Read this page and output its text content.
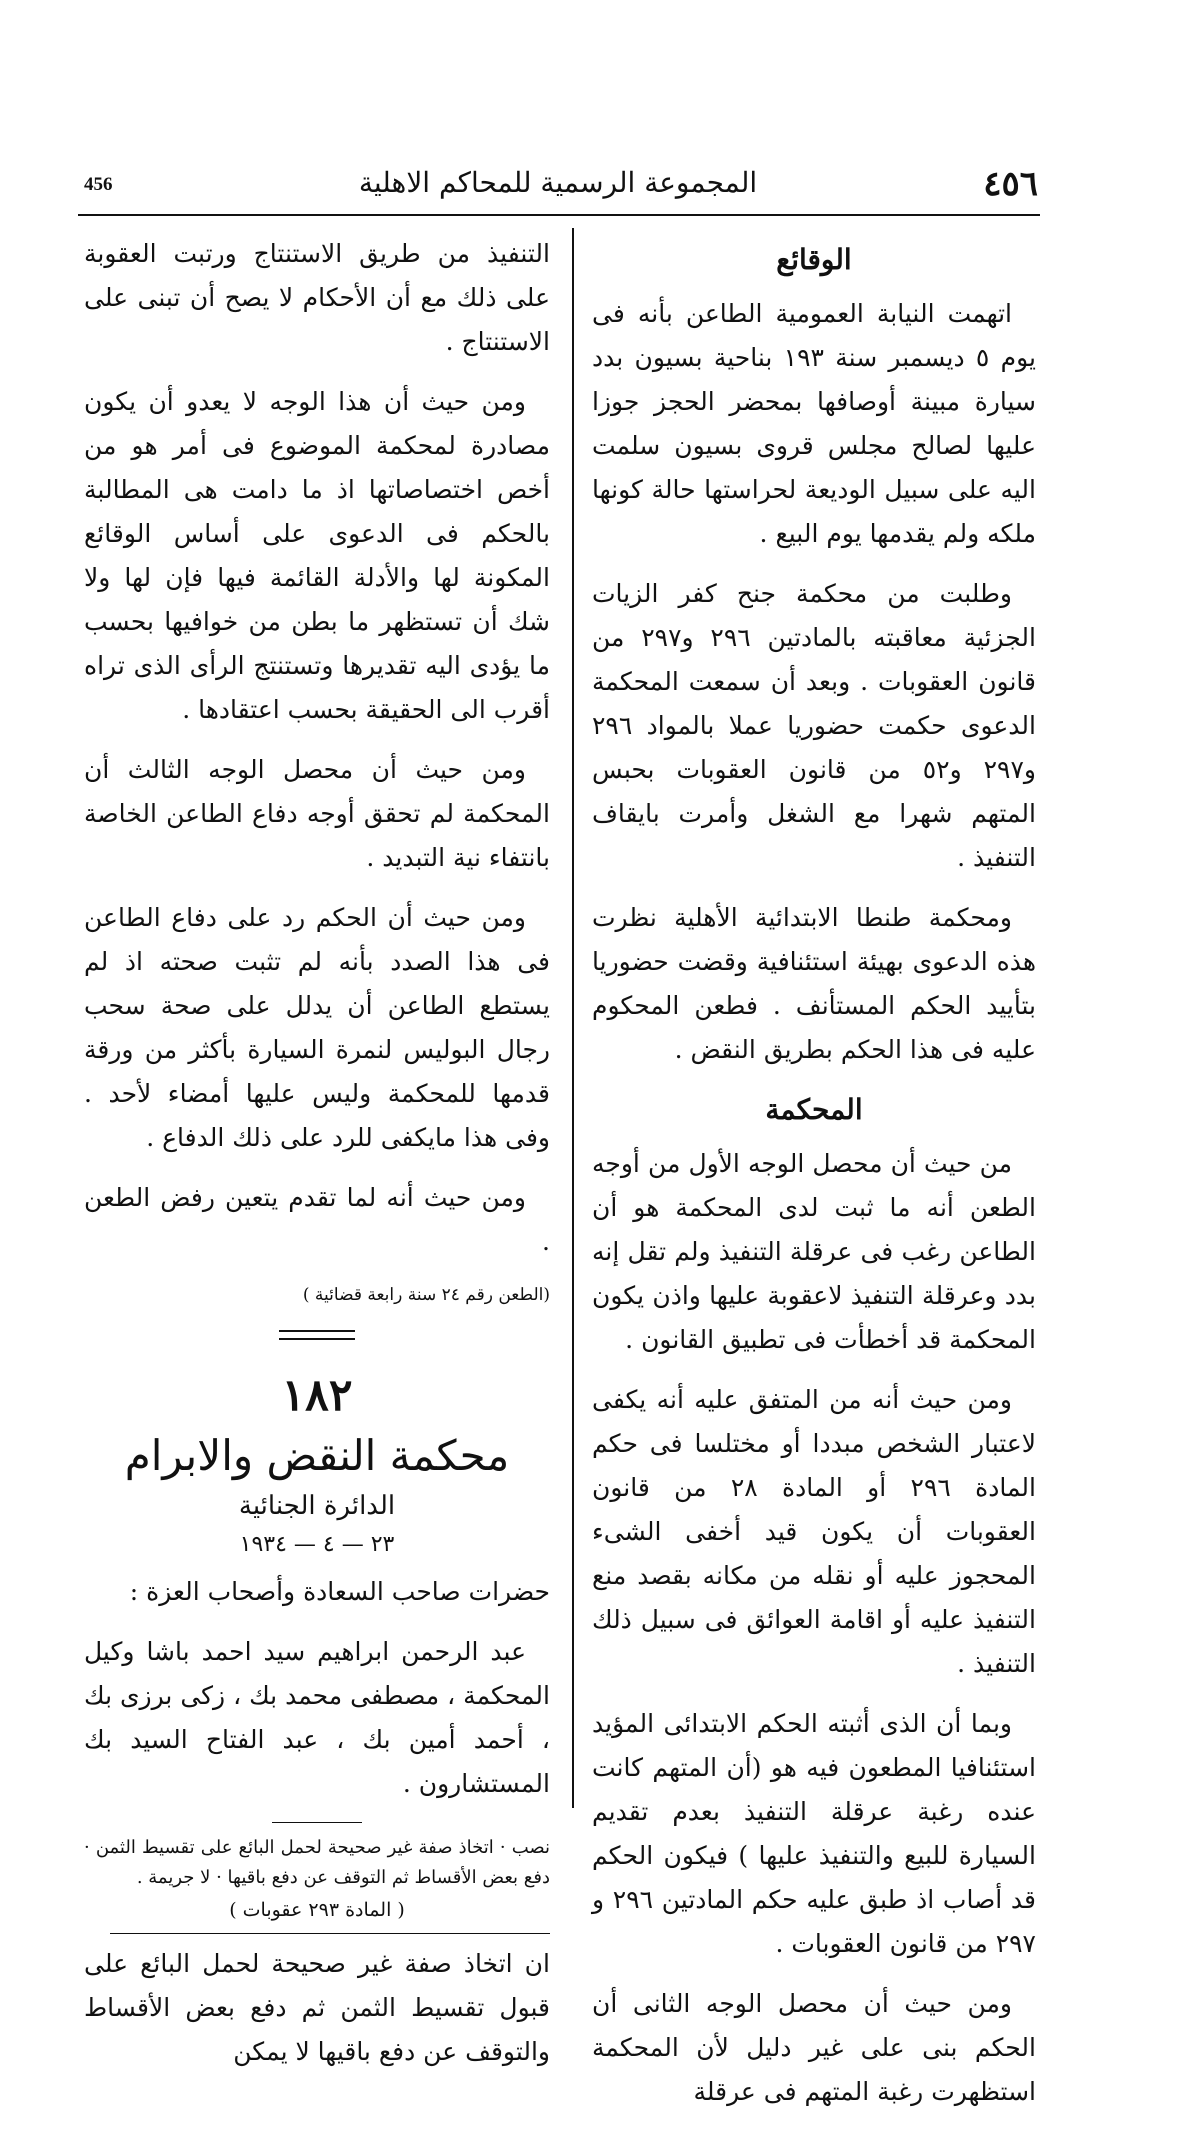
456	المجموعة الرسمية للمحاكم الاهلية	٤٥٦
الوقائع

اتهمت النيابة العمومية الطاعن بأنه فى يوم ٥ ديسمبر سنة ١٩٣ بناحية بسيون بدد سيارة مبينة أوصافها بمحضر الحجز جوزا عليها لصالح مجلس قروى بسيون سلمت اليه على سبيل الوديعة لحراستها حالة كونها ملكه ولم يقدمها يوم البيع .

وطلبت من محكمة جنح كفر الزيات الجزئية معاقبته بالمادتين ٢٩٦ و٢٩٧ من قانون العقوبات . وبعد أن سمعت المحكمة الدعوى حكمت حضوريا عملا بالمواد ٢٩٦ و٢٩٧ و٥٢ من قانون العقوبات بحبس المتهم شهرا مع الشغل وأمرت بايقاف التنفيذ .

ومحكمة طنطا الابتدائية الأهلية نظرت هذه الدعوى بهيئة استئنافية وقضت حضوريا بتأييد الحكم المستأنف . فطعن المحكوم عليه فى هذا الحكم بطريق النقض .

المحكمة

من حيث أن محصل الوجه الأول من أوجه الطعن أنه ما ثبت لدى المحكمة هو أن الطاعن رغب فى عرقلة التنفيذ ولم تقل إنه بدد وعرقلة التنفيذ لاعقوبة عليها واذن يكون المحكمة قد أخطأت فى تطبيق القانون .

ومن حيث أنه من المتفق عليه أنه يكفى لاعتبار الشخص مبددا أو مختلسا فى حكم المادة ٢٩٦ أو المادة ٢٨ من قانون العقوبات أن يكون قيد أخفى الشىء المحجوز عليه أو نقله من مكانه بقصد منع التنفيذ عليه أو اقامة العوائق فى سبيل ذلك التنفيذ .

وبما أن الذى أثبته الحكم الابتدائى المؤيد استئنافيا المطعون فيه هو (أن المتهم كانت عنده رغبة عرقلة التنفيذ بعدم تقديم السيارة للبيع والتنفيذ عليها ) فيكون الحكم قد أصاب اذ طبق عليه حكم المادتين ٢٩٦ و ٢٩٧ من قانون العقوبات .

ومن حيث أن محصل الوجه الثانى أن الحكم بنى على غير دليل لأن المحكمة استظهرت رغبة المتهم فى عرقلة

التنفيذ من طريق الاستنتاج ورتبت العقوبة على ذلك مع أن الأحكام لا يصح أن تبنى على الاستنتاج .

ومن حيث أن هذا الوجه لا يعدو أن يكون مصادرة لمحكمة الموضوع فى أمر هو من أخص اختصاصاتها اذ ما دامت هى المطالبة بالحكم فى الدعوى على أساس الوقائع المكونة لها والأدلة القائمة فيها فإن لها ولا شك أن تستظهر ما بطن من خوافيها بحسب ما يؤدى اليه تقديرها وتستنتج الرأى الذى تراه أقرب الى الحقيقة بحسب اعتقادها .

ومن حيث أن محصل الوجه الثالث أن المحكمة لم تحقق أوجه دفاع الطاعن الخاصة بانتفاء نية التبديد .

ومن حيث أن الحكم رد على دفاع الطاعن فى هذا الصدد بأنه لم تثبت صحته اذ لم يستطع الطاعن أن يدلل على صحة سحب رجال البوليس لنمرة السيارة بأكثر من ورقة قدمها للمحكمة وليس عليها أمضاء لأحد . وفى هذا مايكفى للرد على ذلك الدفاع .

ومن حيث أنه لما تقدم يتعين رفض الطعن .

(الطعن رقم ٢٤ سنة رابعة قضائية )
١٨٢
محكمة النقض والابرام
الدائرة الجنائية
٢٣ — ٤ — ١٩٣٤

حضرات صاحب السعادة وأصحاب العزة :

عبد الرحمن ابراهيم سيد احمد باشا وكيل المحكمة ، مصطفى محمد بك ، زكى برزى بك ، أحمد أمين بك ، عبد الفتاح السيد بك المستشارون .

نصب · اتخاذ صفة غير صحيحة لحمل البائع على تقسيط الثمن · دفع بعض الأقساط ثم التوقف عن دفع باقيها · لا جريمة .

( المادة ٢٩٣ عقوبات )

ان اتخاذ صفة غير صحيحة لحمل البائع على قبول تقسيط الثمن ثم دفع بعض الأقساط والتوقف عن دفع باقيها لا يمكن
